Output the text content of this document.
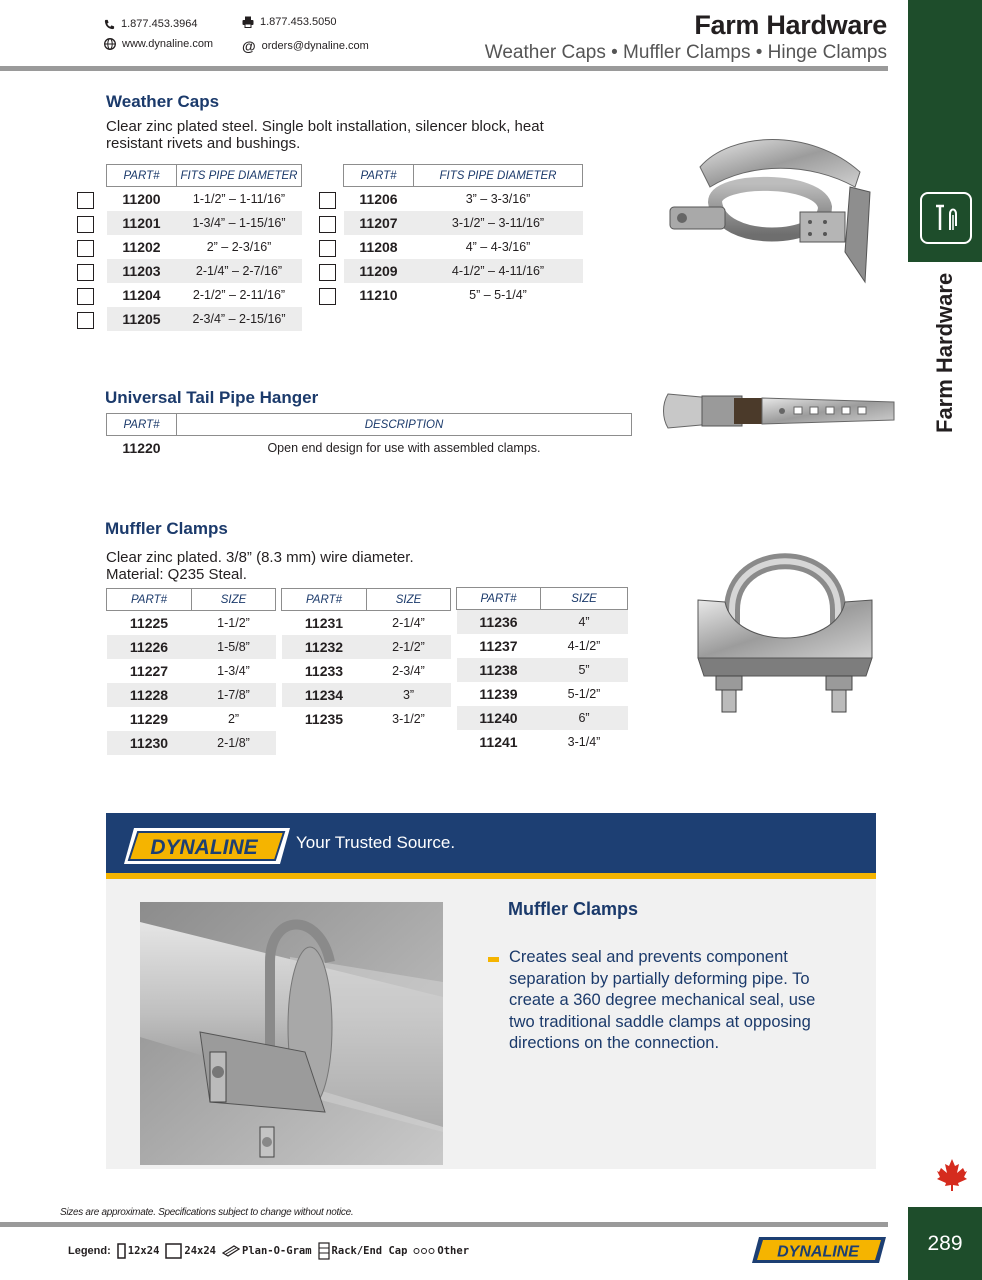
1.877.453.3964	1.877.453.5050
www.dynaline.com @ orders@dynaline.com
Farm Hardware
Weather Caps • Muffler Clamps • Hinge Clamps
Farm Hardware
Weather Caps
Clear zinc plated steel. Single bolt installation, silencer block, heat resistant rivets and bushings.
PART#	FITS PIPE DIAMETER
11200	1-1/2” – 1-11/16”
11201	1-3/4” – 1-15/16”
11202	2” – 2-3/16”
11203	2-1/4” – 2-7/16”
11204	2-1/2” – 2-11/16”
11205	2-3/4” – 2-15/16”
PART#	FITS PIPE DIAMETER
11206	3” – 3-3/16”
11207	3-1/2” – 3-11/16”
11208	4” – 4-3/16”
11209	4-1/2” – 4-11/16”
11210	5” – 5-1/4”
Universal Tail Pipe Hanger
PART#	DESCRIPTION
11220	Open end design for use with assembled clamps.
Muffler Clamps
Clear zinc plated. 3/8” (8.3 mm) wire diameter.
Material: Q235 Steal.
PART#	SIZE
11225	1-1/2”
11226	1-5/8”
11227	1-3/4”
11228	1-7/8”
11229	2”
11230	2-1/8”
PART#	SIZE
11231	2-1/4”
11232	2-1/2”
11233	2-3/4”
11234	3”
11235	3-1/2”
PART#	SIZE
11236	4”
11237	4-1/2”
11238	5”
11239	5-1/2”
11240	6”
11241	3-1/4”
DYNALINE Your Trusted Source.
Muffler Clamps
Creates seal and prevents component separation by partially deforming pipe. To create a 360 degree mechanical seal, use two traditional saddle clamps at opposing directions on the connection.
Sizes are approximate. Specifications subject to change without notice.
Legend: 12x24 24x24 Plan-O-Gram Rack/End Cap	Other	DYNALINE	289
